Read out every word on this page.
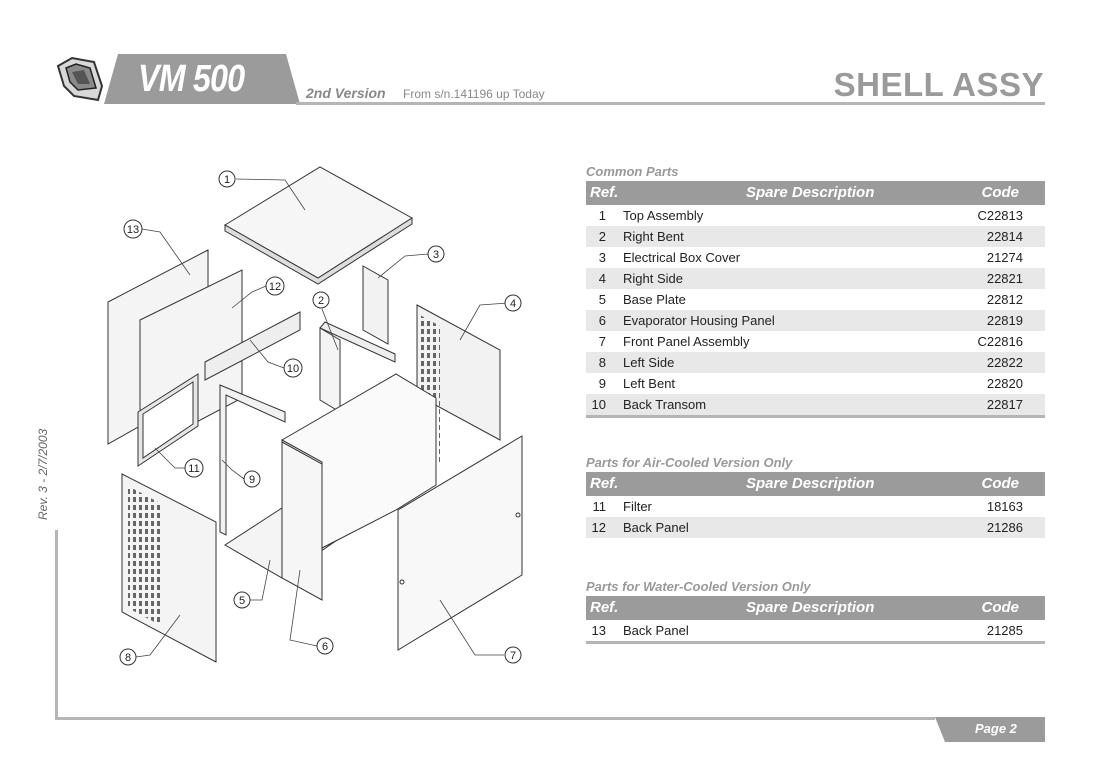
VM 500	2nd Version From s/n.141196 up Today	SHELL ASSY
Rev. 3 - 2/7/2003
Page 2
1
13
3
12
2	4
10
11
9
5
6
7
8
Common Parts
Ref.	Spare Description	Code
1 Top Assembly	C22813
2 Right Bent	22814
3 Electrical Box Cover	21274
4 Right Side	22821
5 Base Plate	22812
6 Evaporator Housing Panel	22819
7 Front Panel Assembly	C22816
8 Left Side	22822
9 Left Bent	22820
10 Back Transom	22817
Parts for Air-Cooled Version Only
Ref.	Spare Description	Code
11 Filter	18163
12 Back Panel	21286
Parts for Water-Cooled Version Only
Ref.	Spare Description	Code
13 Back Panel	21285
